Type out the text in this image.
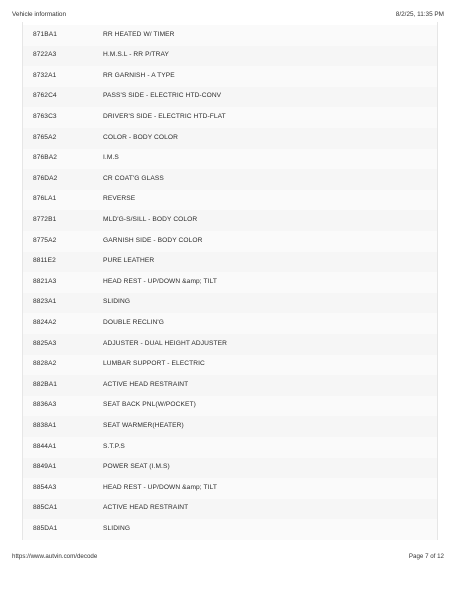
Vehicle information	8/2/25, 11:35 PM
871BA1	RR HEATED W/ TIMER
8722A3	H.M.S.L - RR P/TRAY
8732A1	RR GARNISH - A TYPE
8762C4	PASS'S SIDE - ELECTRIC HTD-CONV
8763C3	DRIVER'S SIDE - ELECTRIC HTD-FLAT
8765A2	COLOR - BODY COLOR
876BA2	I.M.S
876DA2	CR COAT'G GLASS
876LA1	REVERSE
8772B1	MLD'G-S/SILL - BODY COLOR
8775A2	GARNISH SIDE - BODY COLOR
8811E2	PURE LEATHER
8821A3	HEAD REST - UP/DOWN &amp; TILT
8823A1	SLIDING
8824A2	DOUBLE RECLIN'G
8825A3	ADJUSTER - DUAL HEIGHT ADJUSTER
8828A2	LUMBAR SUPPORT - ELECTRIC
882BA1	ACTIVE HEAD RESTRAINT
8836A3	SEAT BACK PNL(W/POCKET)
8838A1	SEAT WARMER(HEATER)
8844A1	S.T.P.S
8849A1	POWER SEAT (I.M.S)
8854A3	HEAD REST - UP/DOWN &amp; TILT
885CA1	ACTIVE HEAD RESTRAINT
885DA1	SLIDING
https://www.autvin.com/decode	Page 7 of 12
